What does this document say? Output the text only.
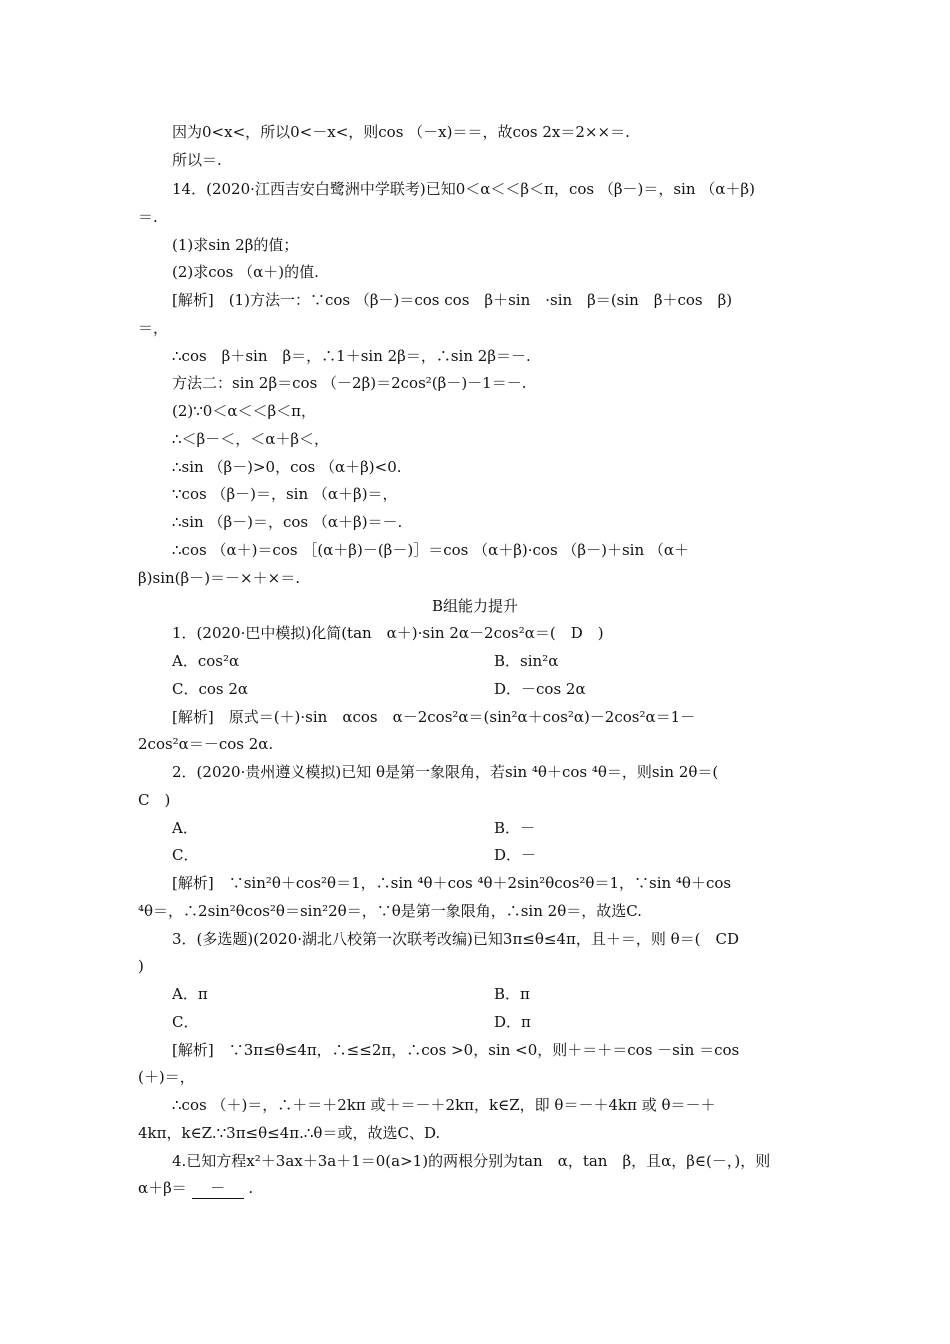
因为0<x<，所以0<－x<，则cos （－x)＝＝，故cos 2x＝2××＝.
所以＝.
14．(2020·江西吉安白鹭洲中学联考)已知0＜α＜＜β＜π，cos （β－)＝，sin （α＋β)
＝.
(1)求sin 2β的值；
(2)求cos （α＋)的值.
[解析]　(1)方法一：∵cos （β－)＝cos cos　β＋sin　·sin　β＝(sin　β＋cos　β)
＝，
∴cos　β＋sin　β＝，∴1＋sin 2β＝，∴sin 2β＝－.
方法二：sin 2β＝cos （－2β)＝2cos²(β－)－1＝－.
(2)∵0＜α＜＜β＜π，
∴＜β－＜，＜α＋β＜，
∴sin （β－)>0，cos （α＋β)<0.
∵cos （β－)＝，sin （α＋β)＝，
∴sin （β－)＝，cos （α＋β)＝－.
∴cos （α＋)＝cos ［(α＋β)－(β－)］＝cos （α＋β)·cos （β－)＋sin （α＋
β)sin(β－)＝－×＋×＝.
B组能力提升
1．(2020·巴中模拟)化简(tan　α＋)·sin 2α－2cos²α＝(　D　)
A．cos²α	B．sin²α
C．cos 2α	D．－cos 2α
[解析]　原式＝(＋)·sin　αcos　α－2cos²α＝(sin²α＋cos²α)－2cos²α＝1－
2cos²α＝－cos 2α.
2．(2020·贵州遵义模拟)已知 θ是第一象限角，若sin ⁴θ＋cos ⁴θ＝，则sin 2θ＝(
C　)
A．	B．－
C．	D．－
[解析]　∵sin²θ＋cos²θ＝1，∴sin ⁴θ＋cos ⁴θ＋2sin²θcos²θ＝1，∵sin ⁴θ＋cos
⁴θ＝，∴2sin²θcos²θ＝sin²2θ＝，∵θ是第一象限角，∴sin 2θ＝，故选C.
3．(多选题)(2020·湖北八校第一次联考改编)已知3π≤θ≤4π，且＋＝，则 θ＝(　CD
)
A．π	B．π
C．	D．π
[解析]　∵3π≤θ≤4π，∴≤≤2π，∴cos >0，sin <0，则＋＝＋＝cos －sin ＝cos
(＋)＝，
∴cos （＋)＝，∴＋＝＋2kπ 或＋＝－＋2kπ，k∈Z，即 θ＝－＋4kπ 或 θ＝－＋
4kπ，k∈Z.∵3π≤θ≤4π.∴θ＝或，故选C、D.
4.已知方程x²＋3ax＋3a＋1＝0(a>1)的两根分别为tan　α，tan　β，且α，β∈(－，)，则
α＋β＝ － .
